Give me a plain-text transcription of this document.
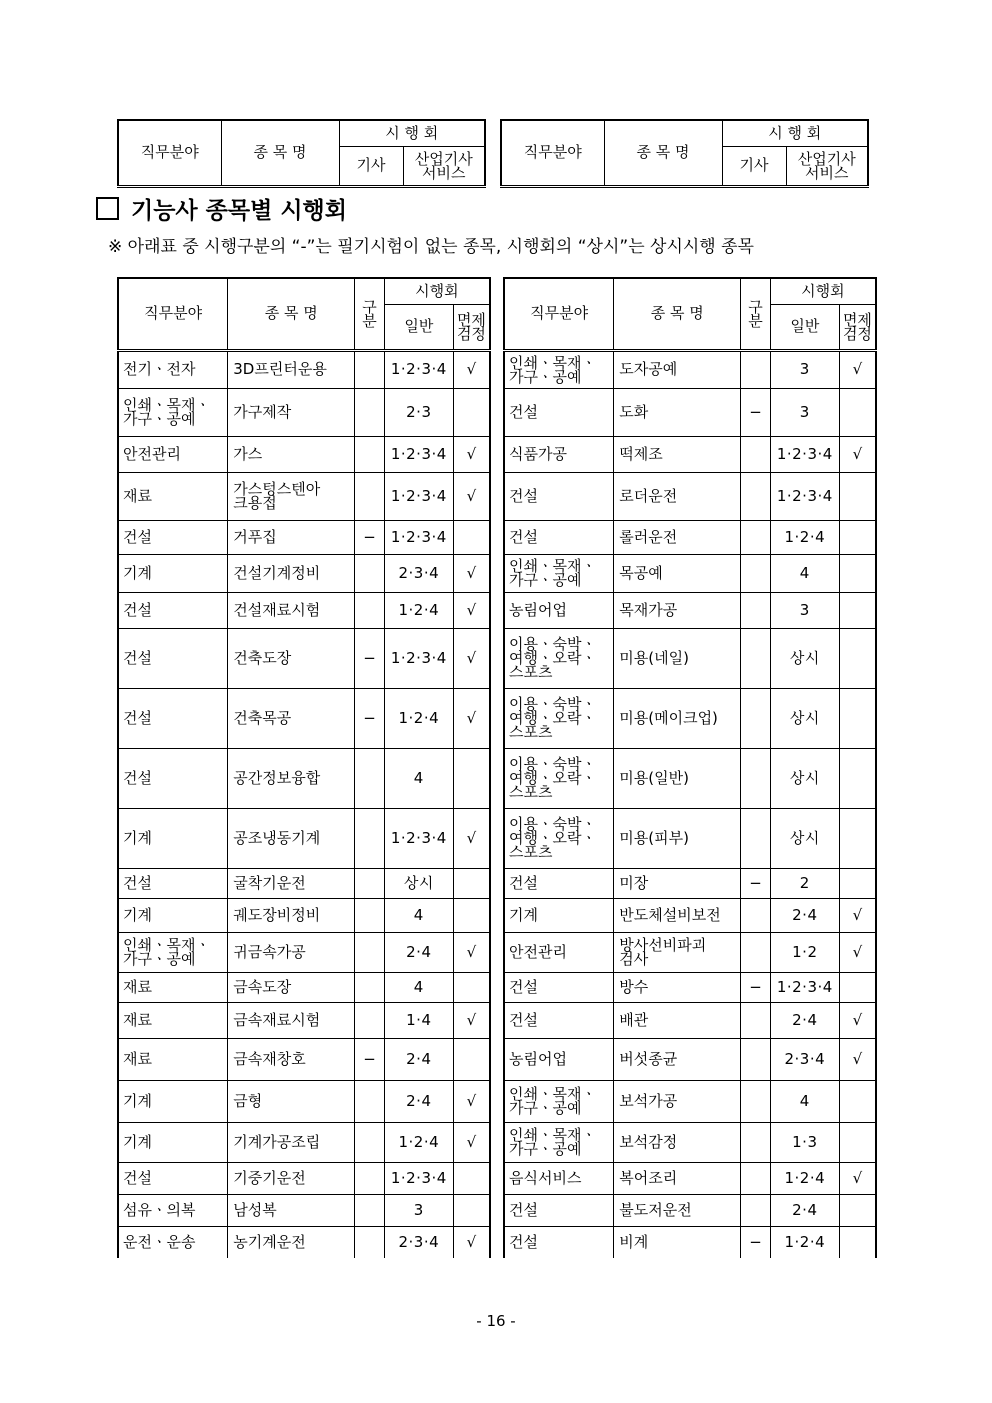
직무분야	종 목 명	시 행 회	
		기사	산업기사
서비스
직무분야	종 목 명	시 행 회	
		기사	산업기사
서비스
기능사 종목별 시행회
※ 아래표 중 시행구분의 “-”는 필기시험이 없는 종목, 시행회의 “상시”는 상시시행 종목
직무분야	종 목 명	구
분	시행회	
			일반	면제
검정
전기ㆍ전자	3D프린터운용		1·2·3·4	√
인쇄ㆍ목재ㆍ
가구ㆍ공예	가구제작		2·3	
안전관리	가스		1·2·3·4	√
재료	가스텅스텐아
크용접		1·2·3·4	√
건설	거푸집	−	1·2·3·4	
기계	건설기계정비		2·3·4	√
건설	건설재료시험		1·2·4	√
건설	건축도장	−	1·2·3·4	√
건설	건축목공	−	1·2·4	√
건설	공간정보융합		4	
기계	공조냉동기계		1·2·3·4	√
건설	굴착기운전		상시	
기계	궤도장비정비		4	
인쇄ㆍ목재ㆍ
가구ㆍ공예	귀금속가공		2·4	√
재료	금속도장		4	
재료	금속재료시험		1·4	√
재료	금속재창호	−	2·4	
기계	금형		2·4	√
기계	기계가공조립		1·2·4	√
건설	기중기운전		1·2·3·4	
섬유ㆍ의복	남성복		3	
운전ㆍ운송	농기계운전		2·3·4	√
직무분야	종 목 명	구
분	시행회	
			일반	면제
검정
인쇄ㆍ목재ㆍ
가구ㆍ공예	도자공예		3	√
건설	도화	−	3	
식품가공	떡제조		1·2·3·4	√
건설	로더운전		1·2·3·4	
건설	롤러운전		1·2·4	
인쇄ㆍ목재ㆍ
가구ㆍ공예	목공예		4	
농림어업	목재가공		3	
이용ㆍ숙박ㆍ
여행ㆍ오락ㆍ
스포츠	미용(네일)		상시	
이용ㆍ숙박ㆍ
여행ㆍ오락ㆍ
스포츠	미용(메이크업)		상시	
이용ㆍ숙박ㆍ
여행ㆍ오락ㆍ
스포츠	미용(일반)		상시	
이용ㆍ숙박ㆍ
여행ㆍ오락ㆍ
스포츠	미용(피부)		상시	
건설	미장	−	2	
기계	반도체설비보전		2·4	√
안전관리	방사선비파괴
검사		1·2	√
건설	방수	−	1·2·3·4	
건설	배관		2·4	√
농림어업	버섯종균		2·3·4	√
인쇄ㆍ목재ㆍ
가구ㆍ공예	보석가공		4	
인쇄ㆍ목재ㆍ
가구ㆍ공예	보석감정		1·3	
음식서비스	복어조리		1·2·4	√
건설	불도저운전		2·4	
건설	비계	−	1·2·4	
- 16 -
